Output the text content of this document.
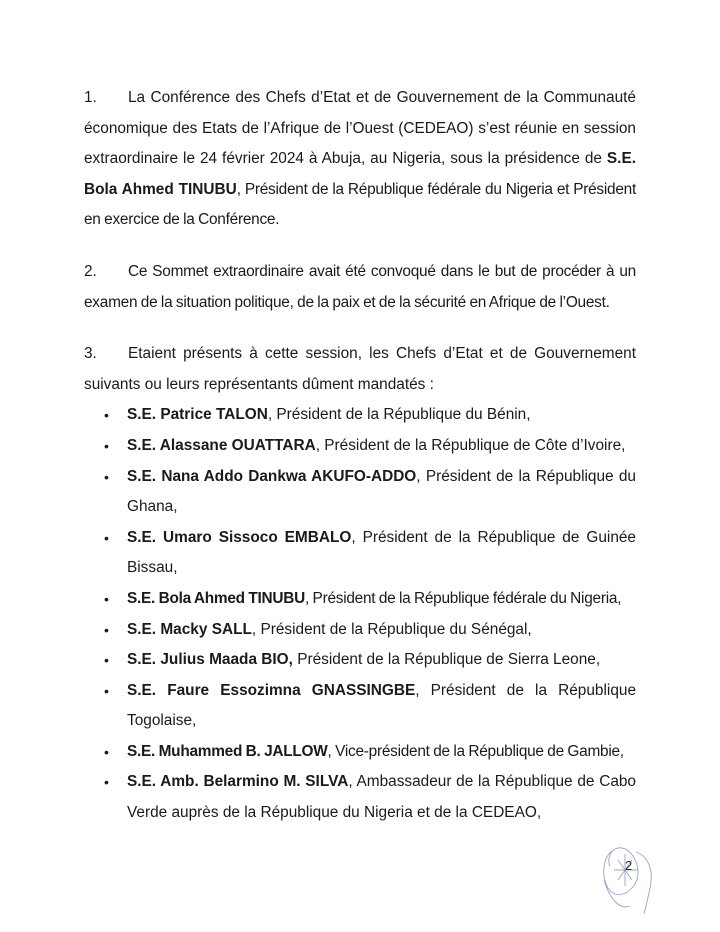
1. La Conférence des Chefs d’Etat et de Gouvernement de la Communauté économique des Etats de l’Afrique de l’Ouest (CEDEAO) s’est réunie en session extraordinaire le 24 février 2024 à Abuja, au Nigeria, sous la présidence de S.E. Bola Ahmed TINUBU, Président de la République fédérale du Nigeria et Président en exercice de la Conférence.

2. Ce Sommet extraordinaire avait été convoqué dans le but de procéder à un examen de la situation politique, de la paix et de la sécurité en Afrique de l’Ouest.

3. Etaient présents à cette session, les Chefs d’Etat et de Gouvernement suivants ou leurs représentants dûment mandatés :

• S.E. Patrice TALON, Président de la République du Bénin,
• S.E. Alassane OUATTARA, Président de la République de Côte d’Ivoire,
• S.E. Nana Addo Dankwa AKUFO-ADDO, Président de la République du Ghana,
• S.E. Umaro Sissoco EMBALO, Président de la République de Guinée Bissau,
• S.E. Bola Ahmed TINUBU, Président de la République fédérale du Nigeria,
• S.E. Macky SALL, Président de la République du Sénégal,
• S.E. Julius Maada BIO, Président de la République de Sierra Leone,
• S.E. Faure Essozimna GNASSINGBE, Président de la République Togolaise,
• S.E. Muhammed B. JALLOW, Vice-président de la République de Gambie,
• S.E. Amb. Belarmino M. SILVA, Ambassadeur de la République de Cabo Verde auprès de la République du Nigeria et de la CEDEAO,
2
